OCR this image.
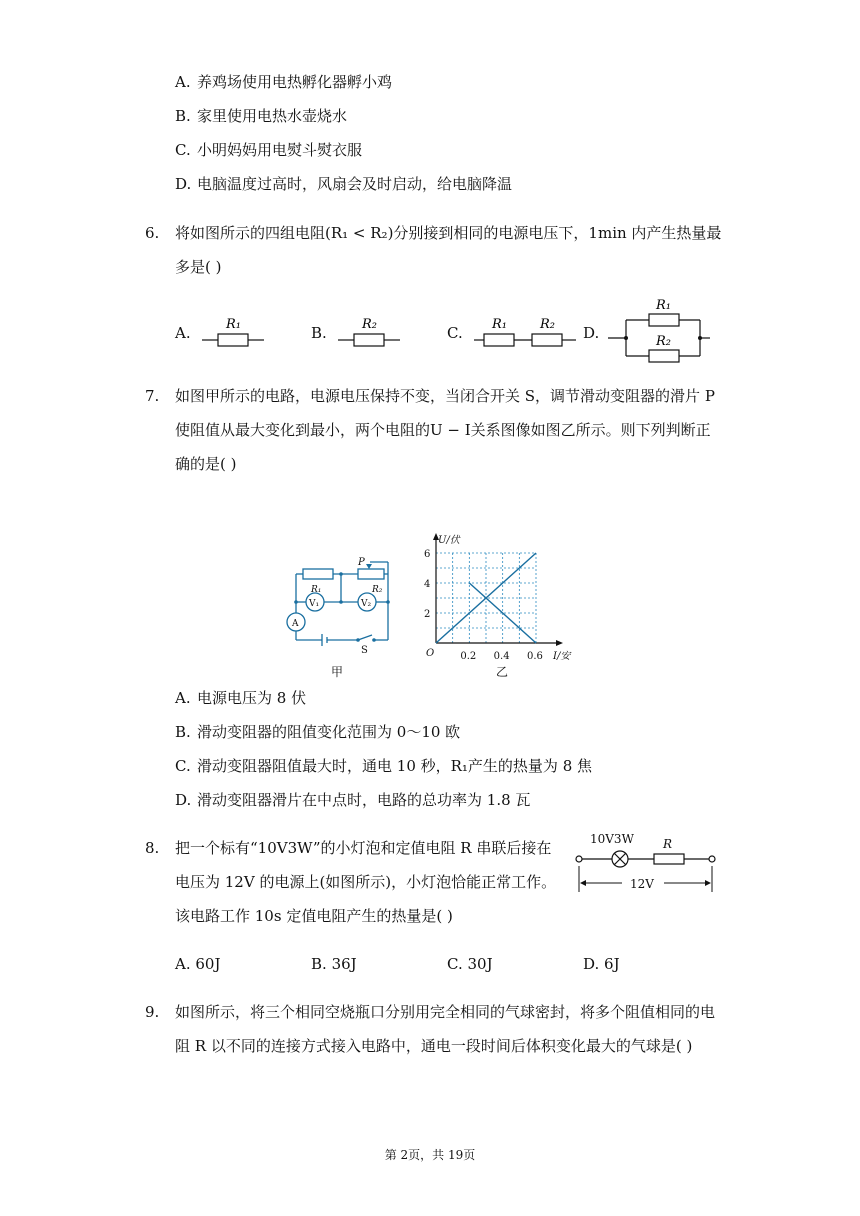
A. 养鸡场使用电热孵化器孵小鸡
B. 家里使用电热水壶烧水
C. 小明妈妈用电熨斗熨衣服
D. 电脑温度过高时，风扇会及时启动，给电脑降温
6. 将如图所示的四组电阻(R₁ < R₂)分别接到相同的电源电压下，1min 内产生热量最
多是( )
A.	R₁	B.	R₂	C. R₁	R₂ D.
R₁
R₂
7. 如图甲所示的电路，电源电压保持不变，当闭合开关 S，调节滑动变阻器的滑片 P
使阻值从最大变化到最小，两个电阻的U − I关系图像如图乙所示。则下列判断正
确的是( )
P
R₁	R₂
V₁	V₂
A
S
甲
0.2 0.4 0.6
2
4
6
U/伏
I/安
O
乙
A. 电源电压为 8 伏
B. 滑动变阻器的阻值变化范围为 0～10 欧
C. 滑动变阻器阻值最大时，通电 10 秒，R₁产生的热量为 8 焦
D. 滑动变阻器滑片在中点时，电路的总功率为 1.8 瓦
8. 把一个标有“10V3W”的小灯泡和定值电阻 R 串联后接在
电压为 12V 的电源上(如图所示)，小灯泡恰能正常工作。
该电路工作 10s 定值电阻产生的热量是( )
10V3W R
12V
A. 60J	B. 36J	C. 30J	D. 6J
9. 如图所示，将三个相同空烧瓶口分别用完全相同的气球密封，将多个阻值相同的电
阻 R 以不同的连接方式接入电路中，通电一段时间后体积变化最大的气球是( )
第 2页，共 19页
